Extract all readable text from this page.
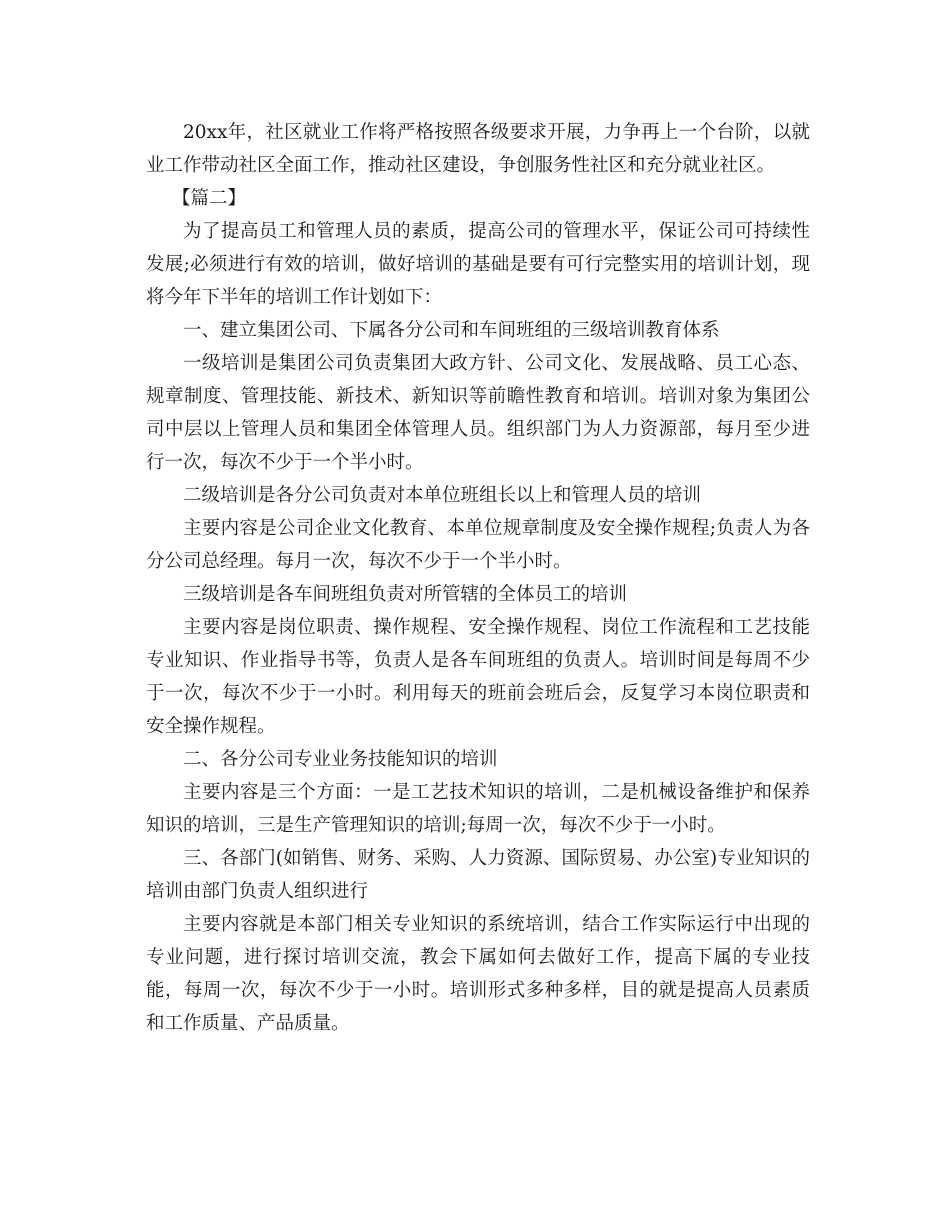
20xx年，社区就业工作将严格按照各级要求开展，力争再上一个台阶，以就业工作带动社区全面工作，推动社区建设，争创服务性社区和充分就业社区。

【篇二】

为了提高员工和管理人员的素质，提高公司的管理水平，保证公司可持续性发展;必须进行有效的培训，做好培训的基础是要有可行完整实用的培训计划，现将今年下半年的培训工作计划如下：

一、建立集团公司、下属各分公司和车间班组的三级培训教育体系

一级培训是集团公司负责集团大政方针、公司文化、发展战略、员工心态、规章制度、管理技能、新技术、新知识等前瞻性教育和培训。培训对象为集团公司中层以上管理人员和集团全体管理人员。组织部门为人力资源部，每月至少进行一次，每次不少于一个半小时。

二级培训是各分公司负责对本单位班组长以上和管理人员的培训

主要内容是公司企业文化教育、本单位规章制度及安全操作规程;负责人为各分公司总经理。每月一次，每次不少于一个半小时。

三级培训是各车间班组负责对所管辖的全体员工的培训

主要内容是岗位职责、操作规程、安全操作规程、岗位工作流程和工艺技能专业知识、作业指导书等，负责人是各车间班组的负责人。培训时间是每周不少于一次，每次不少于一小时。利用每天的班前会班后会，反复学习本岗位职责和安全操作规程。

二、各分公司专业业务技能知识的培训

主要内容是三个方面：一是工艺技术知识的培训，二是机械设备维护和保养知识的培训，三是生产管理知识的培训;每周一次，每次不少于一小时。

三、各部门(如销售、财务、采购、人力资源、国际贸易、办公室)专业知识的培训由部门负责人组织进行

主要内容就是本部门相关专业知识的系统培训，结合工作实际运行中出现的专业问题，进行探讨培训交流，教会下属如何去做好工作，提高下属的专业技能，每周一次，每次不少于一小时。培训形式多种多样，目的就是提高人员素质和工作质量、产品质量。
